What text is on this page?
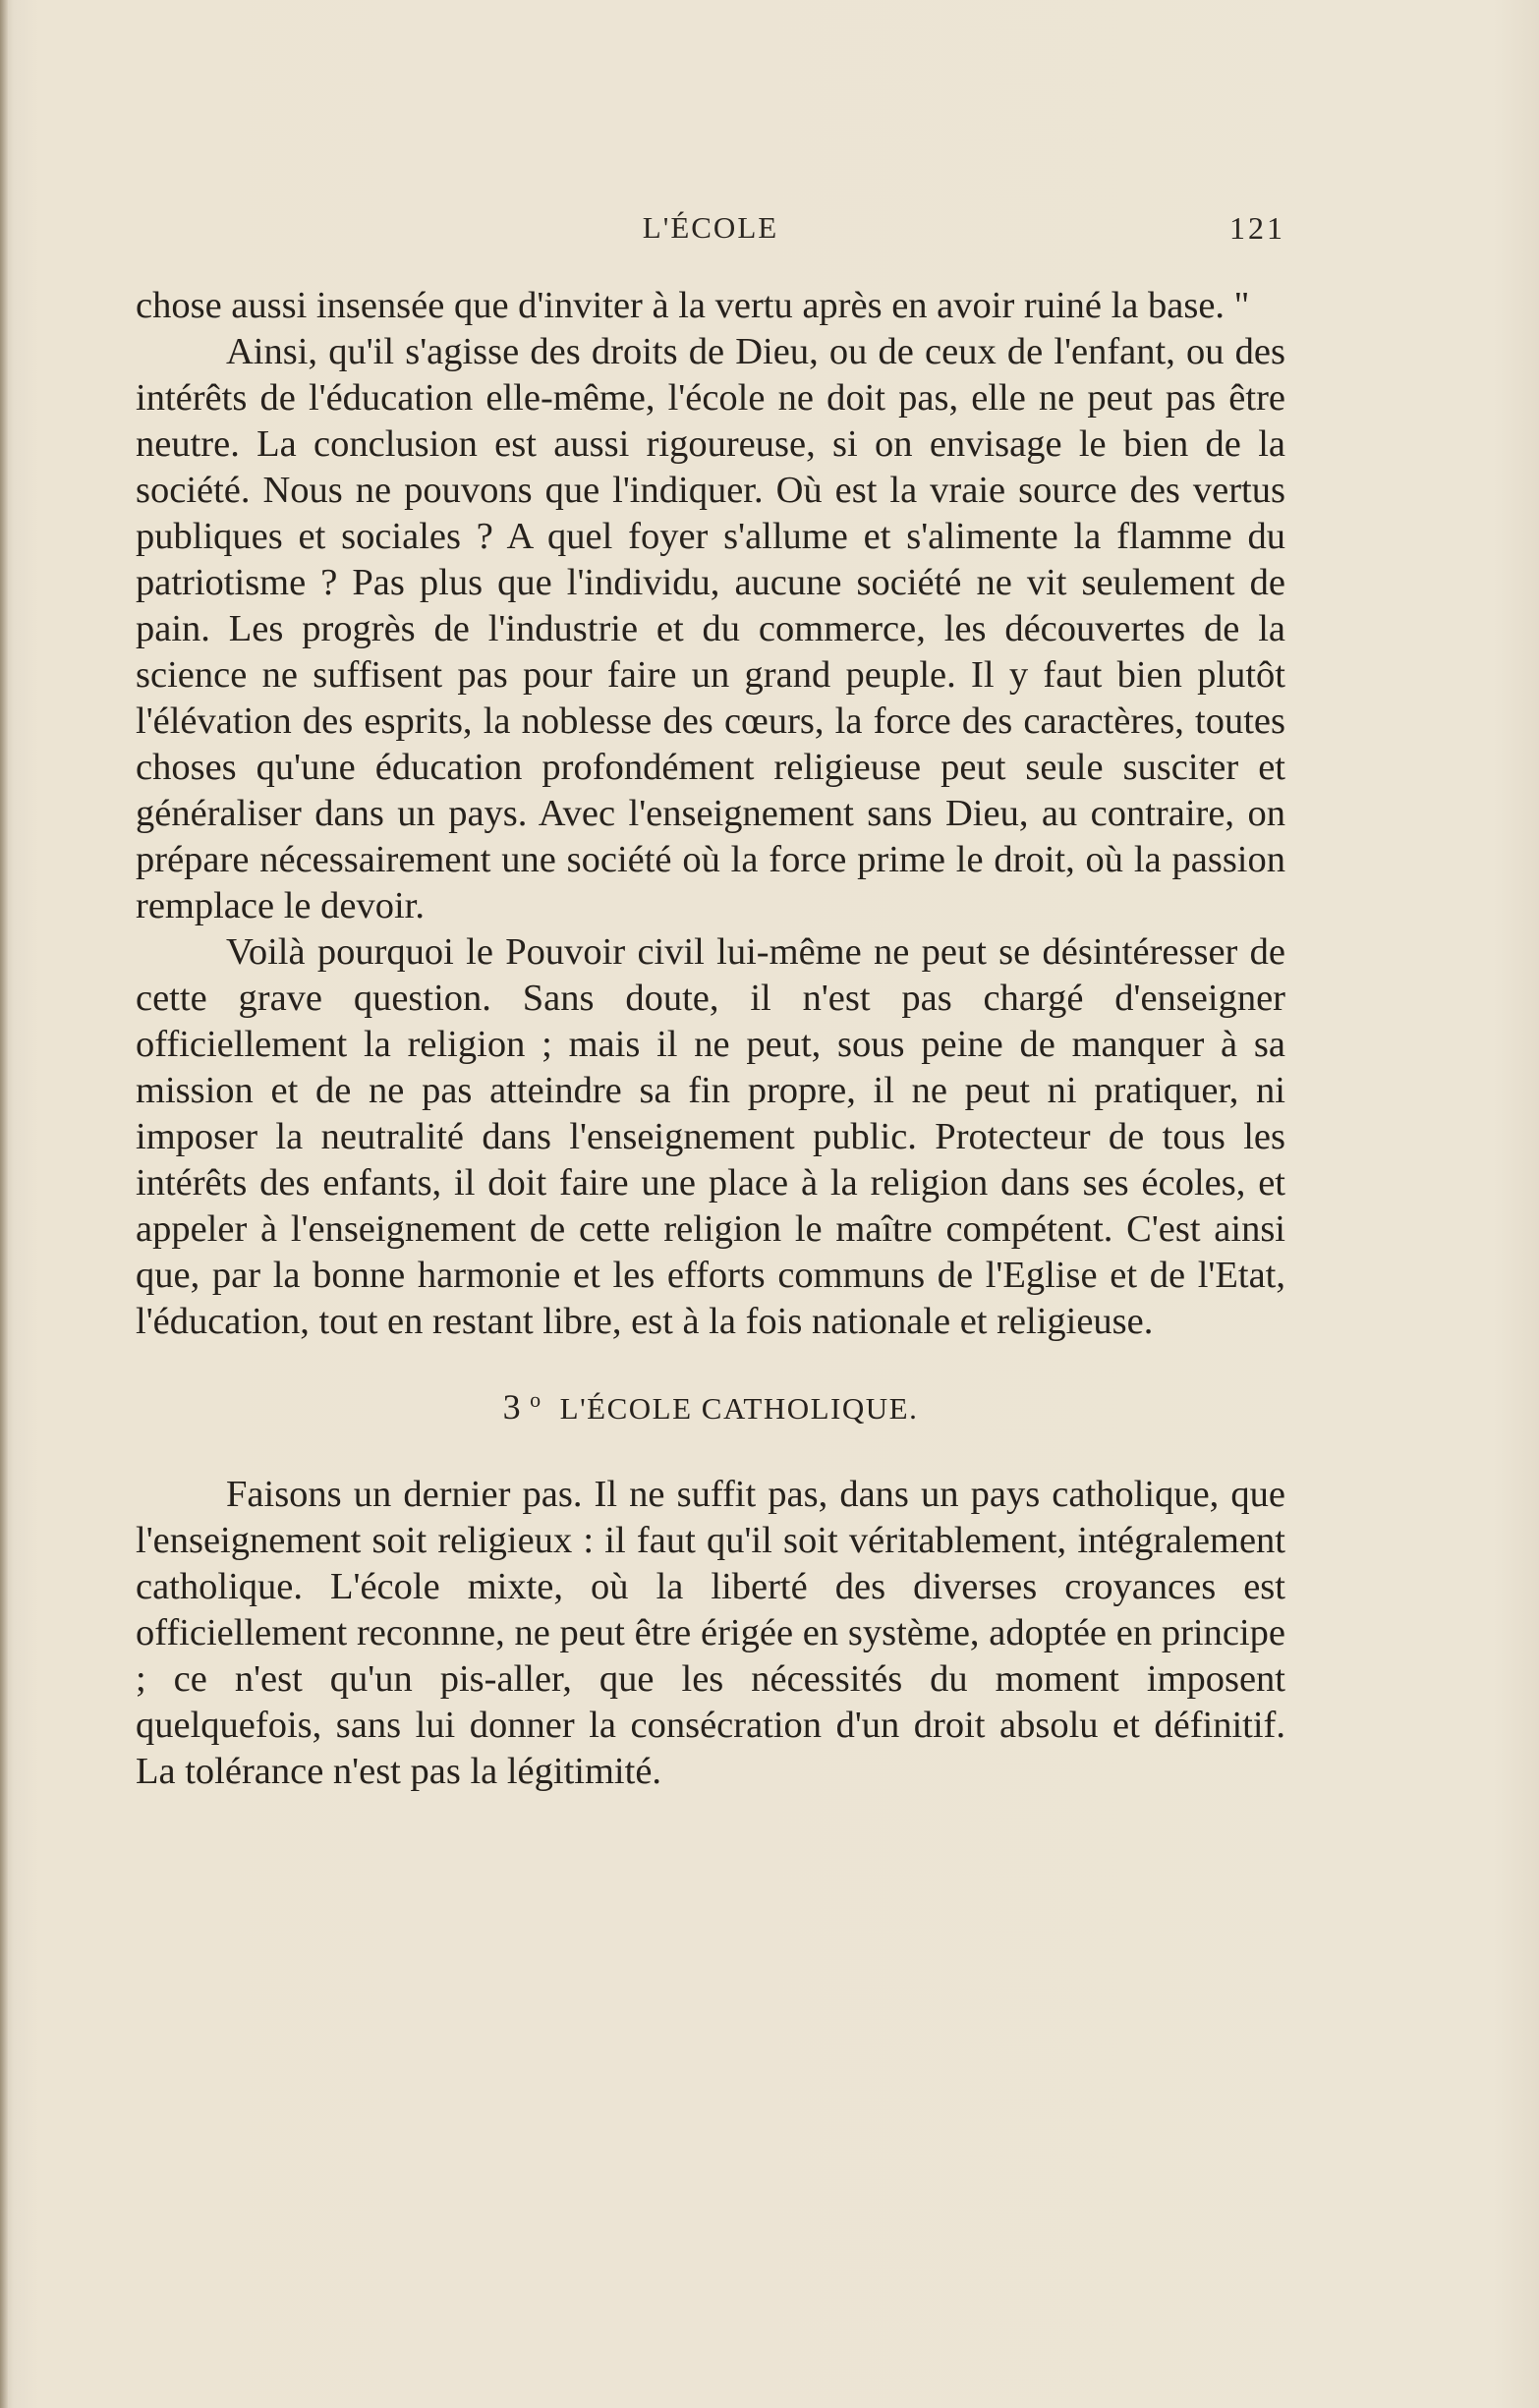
L'ÉCOLE	121

chose aussi insensée que d'inviter à la vertu après en avoir ruiné la base. "

Ainsi, qu'il s'agisse des droits de Dieu, ou de ceux de l'enfant, ou des intérêts de l'éducation elle-même, l'école ne doit pas, elle ne peut pas être neutre. La conclusion est aussi rigoureuse, si on envisage le bien de la société. Nous ne pouvons que l'indiquer. Où est la vraie source des vertus publiques et sociales ? A quel foyer s'allume et s'alimente la flamme du patriotisme ? Pas plus que l'individu, aucune société ne vit seulement de pain. Les progrès de l'industrie et du commerce, les découvertes de la science ne suffisent pas pour faire un grand peuple. Il y faut bien plutôt l'élévation des esprits, la noblesse des cœurs, la force des caractères, toutes choses qu'une éducation profondément religieuse peut seule susciter et généraliser dans un pays. Avec l'enseignement sans Dieu, au contraire, on prépare nécessairement une société où la force prime le droit, où la passion remplace le devoir.

Voilà pourquoi le Pouvoir civil lui-même ne peut se désintéresser de cette grave question. Sans doute, il n'est pas chargé d'enseigner officiellement la religion ; mais il ne peut, sous peine de manquer à sa mission et de ne pas atteindre sa fin propre, il ne peut ni pratiquer, ni imposer la neutralité dans l'enseignement public. Protecteur de tous les intérêts des enfants, il doit faire une place à la religion dans ses écoles, et appeler à l'enseignement de cette religion le maître compétent. C'est ainsi que, par la bonne harmonie et les efforts communs de l'Eglise et de l'Etat, l'éducation, tout en restant libre, est à la fois nationale et religieuse.

3 $^o$ L'ÉCOLE CATHOLIQUE.

Faisons un dernier pas. Il ne suffit pas, dans un pays catholique, que l'enseignement soit religieux : il faut qu'il soit véritablement, intégralement catholique. L'école mixte, où la liberté des diverses croyances est officiellement reconnne, ne peut être érigée en système, adoptée en principe ; ce n'est qu'un pis-aller, que les nécessités du moment imposent quelquefois, sans lui donner la consécration d'un droit absolu et définitif. La tolérance n'est pas la légitimité.
